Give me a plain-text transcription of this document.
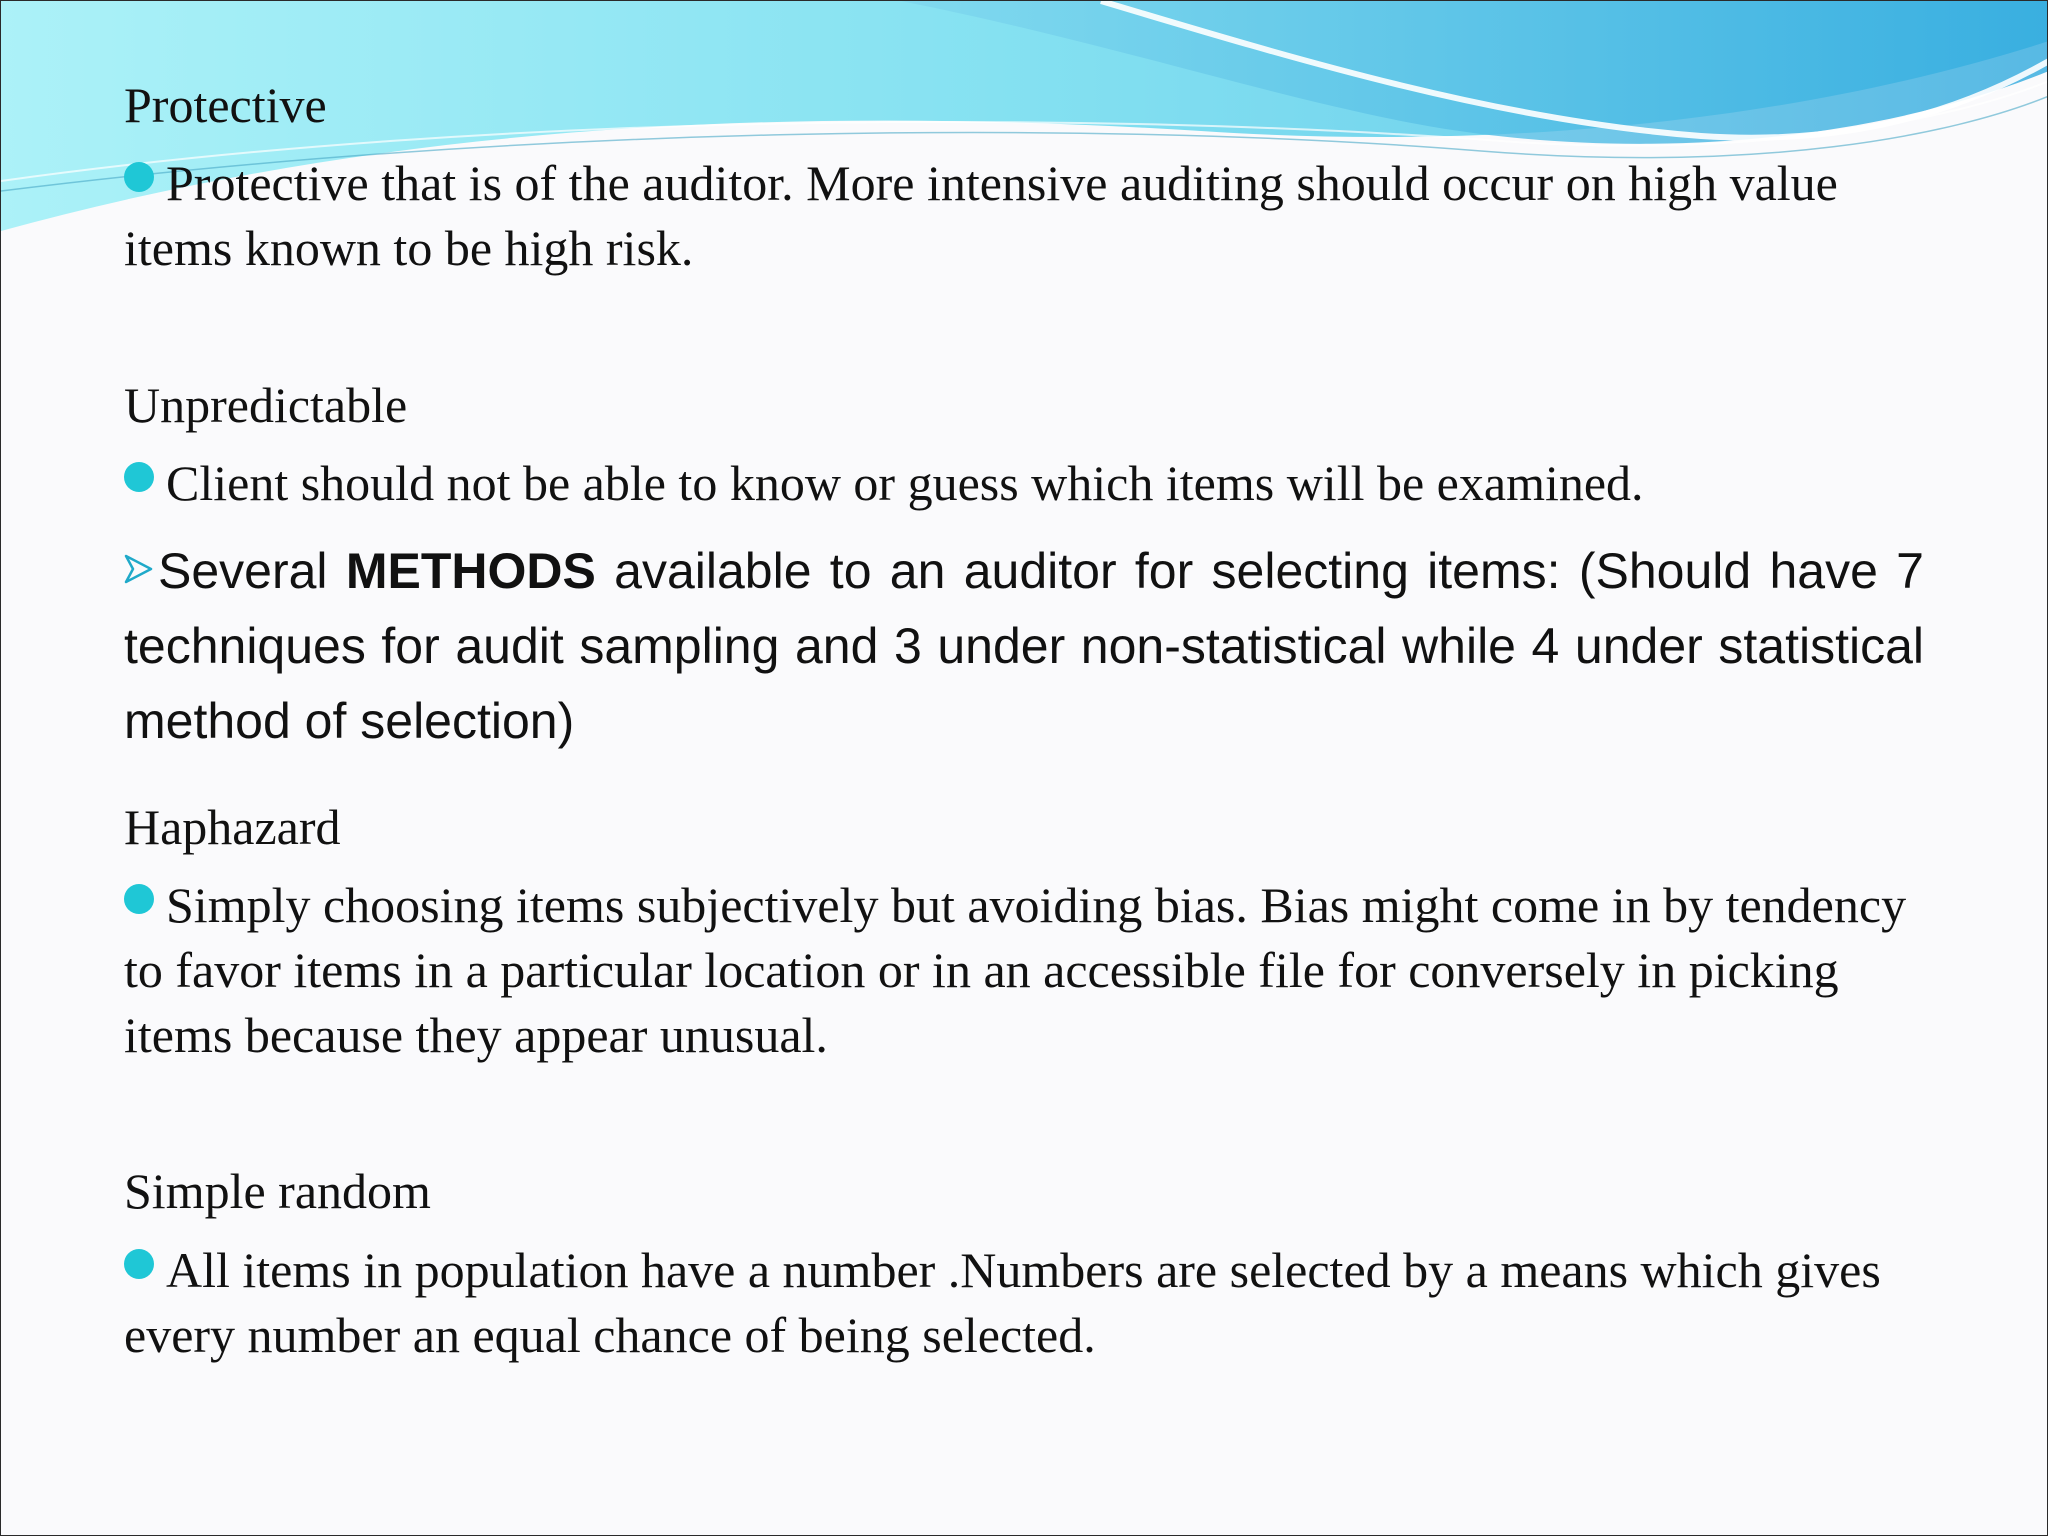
Protective
Protective that is of the auditor. More intensive auditing should occur on high value items known to be high risk.
Unpredictable
Client should not be able to know or guess which items will be examined.
Several METHODS available to an auditor for selecting items: (Should have 7 techniques for audit sampling and 3 under non-statistical while 4 under statistical method of selection)
Haphazard
Simply choosing items subjectively but avoiding bias. Bias might come in by tendency to favor items in a particular location or in an accessible file for conversely in picking items because they appear unusual.
Simple random
All items in population have a number .Numbers are selected by a means which gives every number an equal chance of being selected.
